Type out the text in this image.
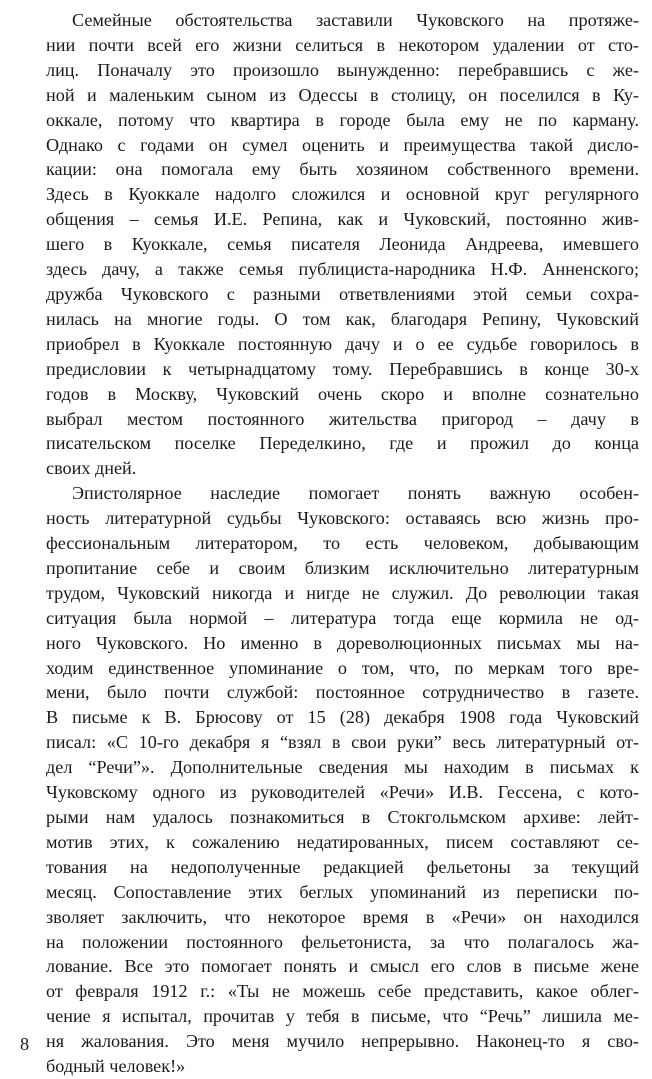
Семейные обстоятельства заставили Чуковского на протяже-
нии почти всей его жизни селиться в некотором удалении от сто-
лиц. Поначалу это произошло вынужденно: перебравшись с же-
ной и маленьким сыном из Одессы в столицу, он поселился в Ку-
оккале, потому что квартира в городе была ему не по карману.
Однако с годами он сумел оценить и преимущества такой дисло-
кации: она помогала ему быть хозяином собственного времени.
Здесь в Куоккале надолго сложился и основной круг регулярного
общения – семья И.Е. Репина, как и Чуковский, постоянно жив-
шего в Куоккале, семья писателя Леонида Андреева, имевшего
здесь дачу, а также семья публициста-народника Н.Ф. Анненского;
дружба Чуковского с разными ответвлениями этой семьи сохра-
нилась на многие годы. О том как, благодаря Репину, Чуковский
приобрел в Куоккале постоянную дачу и о ее судьбе говорилось в
предисловии к четырнадцатому тому. Перебравшись в конце 30-х
годов в Москву, Чуковский очень скоро и вполне сознательно
выбрал местом постоянного жительства пригород – дачу в
писательском поселке Переделкино, где и прожил до конца
своих дней.
Эпистолярное наследие помогает понять важную особен-
ность литературной судьбы Чуковского: оставаясь всю жизнь про-
фессиональным литератором, то есть человеком, добывающим
пропитание себе и своим близким исключительно литературным
трудом, Чуковский никогда и нигде не служил. До революции такая
ситуация была нормой – литература тогда еще кормила не од-
ного Чуковского. Но именно в дореволюционных письмах мы на-
ходим единственное упоминание о том, что, по меркам того вре-
мени, было почти службой: постоянное сотрудничество в газете.
В письме к В. Брюсову от 15 (28) декабря 1908 года Чуковский
писал: «С 10-го декабря я “взял в свои руки” весь литературный от-
дел “Речи”». Дополнительные сведения мы находим в письмах к
Чуковскому одного из руководителей «Речи» И.В. Гессена, с кото-
рыми нам удалось познакомиться в Стокгольмском архиве: лейт-
мотив этих, к сожалению недатированных, писем составляют се-
тования на недополученные редакцией фельетоны за текущий
месяц. Сопоставление этих беглых упоминаний из переписки по-
зволяет заключить, что некоторое время в «Речи» он находился
на положении постоянного фельетониста, за что полагалось жа-
лование. Все это помогает понять и смысл его слов в письме жене
от февраля 1912 г.: «Ты не можешь себе представить, какое облег-
чение я испытал, прочитав у тебя в письме, что “Речь” лишила ме-
ня жалования. Это меня мучило непрерывно. Наконец-то я сво-
бодный человек!»
8
